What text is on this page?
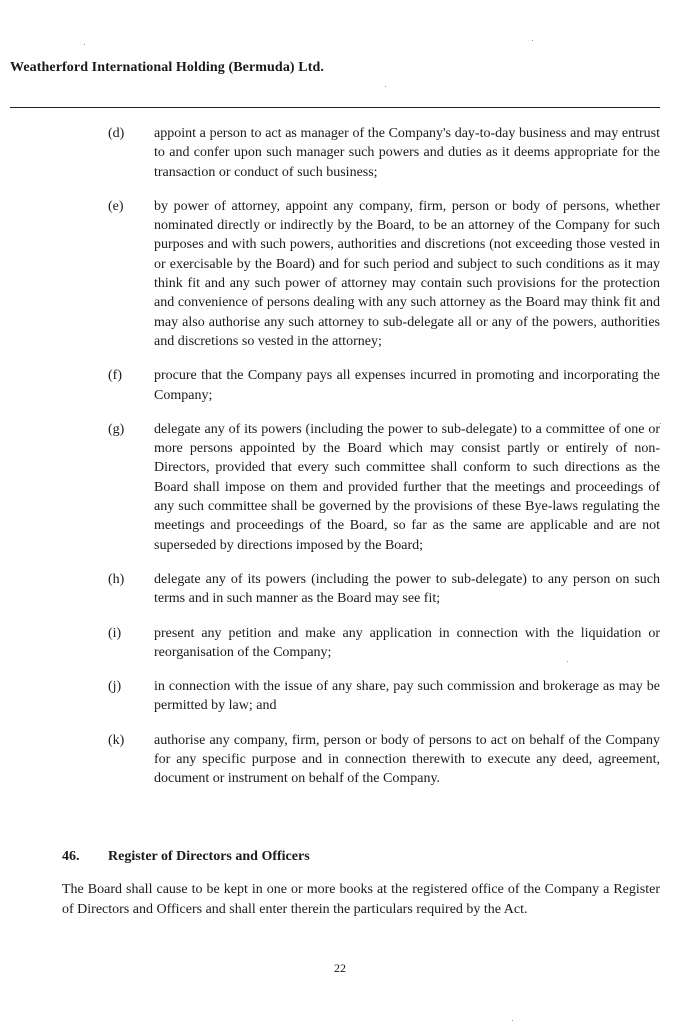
Weatherford International Holding (Bermuda) Ltd.
(d)	appoint a person to act as manager of the Company's day-to-day business and may entrust to and confer upon such manager such powers and duties as it deems appropriate for the transaction or conduct of such business;
(e)	by power of attorney, appoint any company, firm, person or body of persons, whether nominated directly or indirectly by the Board, to be an attorney of the Company for such purposes and with such powers, authorities and discretions (not exceeding those vested in or exercisable by the Board) and for such period and subject to such conditions as it may think fit and any such power of attorney may contain such provisions for the protection and convenience of persons dealing with any such attorney as the Board may think fit and may also authorise any such attorney to sub-delegate all or any of the powers, authorities and discretions so vested in the attorney;
(f)	procure that the Company pays all expenses incurred in promoting and incorporating the Company;
(g)	delegate any of its powers (including the power to sub-delegate) to a committee of one or more persons appointed by the Board which may consist partly or entirely of non-Directors, provided that every such committee shall conform to such directions as the Board shall impose on them and provided further that the meetings and proceedings of any such committee shall be governed by the provisions of these Bye-laws regulating the meetings and proceedings of the Board, so far as the same are applicable and are not superseded by directions imposed by the Board;
(h)	delegate any of its powers (including the power to sub-delegate) to any person on such terms and in such manner as the Board may see fit;
(i)	present any petition and make any application in connection with the liquidation or reorganisation of the Company;
(j)	in connection with the issue of any share, pay such commission and brokerage as may be permitted by law; and
(k)	authorise any company, firm, person or body of persons to act on behalf of the Company for any specific purpose and in connection therewith to execute any deed, agreement, document or instrument on behalf of the Company.
46. Register of Directors and Officers
The Board shall cause to be kept in one or more books at the registered office of the Company a Register of Directors and Officers and shall enter therein the particulars required by the Act.
22
